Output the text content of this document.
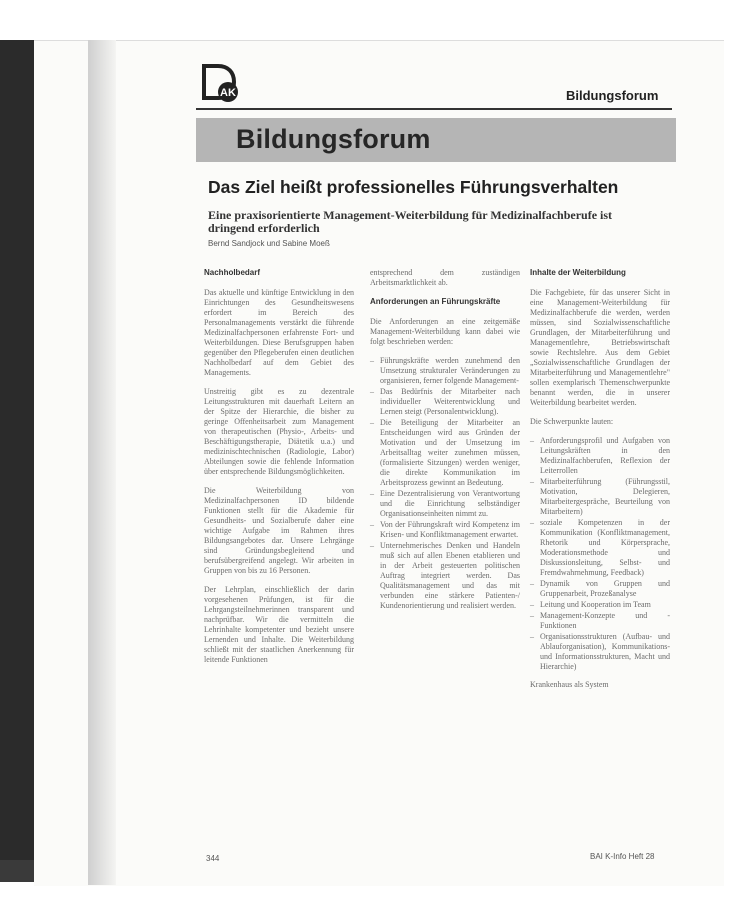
AK	Bildungsforum
Bildungsforum
Das Ziel heißt professionelles Führungsverhalten
Eine praxisorientierte Management-Weiterbildung für Medizinalfachberufe ist dringend erforderlich
Bernd Sandjock und Sabine Moeß
Nachholbedarf

Das aktuelle und künftige Entwicklung in den Einrichtungen des Gesundheitswesens erfordert im Bereich des Personalmanagements verstärkt die führende Medizinalfachpersonen erfahrenste Fort- und Weiterbildungen. Diese Berufsgruppen haben gegenüber den Pflegeberufen einen deutlichen Nachholbedarf auf dem Gebiet des Managements.

Unstreitig gibt es zu dezentrale Leitungsstrukturen mit dauerhaft Leitern an der Spitze der Hierarchie, die bisher zu geringe Offenheitsarbeit zum Management von therapeutischen (Physio-, Arbeits- und Beschäftigungstherapie, Diätetik u.a.) und medizinischtechnischen (Radiologie, Labor) Abteilungen sowie die fehlende Information über entsprechende Bildungsmöglichkeiten.

Die Weiterbildung von Medizinalfachpersonen ID bildende Funktionen stellt für die Akademie für Gesundheits- und Sozialberufe daher eine wichtige Aufgabe im Rahmen ihres Bildungsangebotes dar. Unsere Lehrgänge sind Gründungsbegleitend und berufsübergreifend angelegt. Wir arbeiten in Gruppen von bis zu 16 Personen.

Der Lehrplan, einschließlich der darin vorgesehenen Prüfungen, ist für die Lehrgangsteilnehmerinnen transparent und nachprüfbar. Wir die vermitteln die Lehrinhalte kompetenter und bezieht unsere Lernenden und Inhalte. Die Weiterbildung schließt mit der staatlichen Anerkennung für leitende Funktionen

entsprechend dem zuständigen Arbeitsmarktlichkeit ab.

Anforderungen an Führungskräfte

Die Anforderungen an eine zeitgemäße Management-Weiterbildung kann dabei wie folgt beschrieben werden:

– Führungskräfte werden zunehmend den Umsetzung strukturaler Veränderungen zu organisieren, ferner folgende Management-
– Das Bedürfnis der Mitarbeiter nach individueller Weiterentwicklung und Lernen steigt (Personalentwicklung).
– Die Beteiligung der Mitarbeiter an Entscheidungen wird aus Gründen der Motivation und der Umsetzung im Arbeitsalltag weiter zunehmen müssen, (formalisierte Sitzungen) werden weniger, die direkte Kommunikation im Arbeitsprozess gewinnt an Bedeutung.
– Eine Dezentralisierung von Verantwortung und die Einrichtung selbständiger Organisationseinheiten nimmt zu.
– Von der Führungskraft wird Kompetenz im Krisen- und Konfliktmanagement erwartet.
– Unternehmerisches Denken und Handeln muß sich auf allen Ebenen etablieren und in der Arbeit gesteuerten politischen Auftrag integriert werden. Das Qualitätsmanagement und das mit verbunden eine stärkere Patienten-/ Kundenorientierung und realisiert werden.
Inhalte der Weiterbildung

Die Fachgebiete, für das unserer Sicht in eine Management-Weiterbildung für Medizinalfachberufe die werden, werden müssen, sind Sozialwissenschaftliche Grundlagen, der Mitarbeiterführung und Managementlehre, Betriebswirtschaft sowie Rechtslehre. Aus dem Gebiet „Sozialwissenschaftliche Grundlagen der Mitarbeiterführung und Managementlehre" sollen exemplarisch Themenschwerpunkte benannt werden, die in unserer Weiterbildung bearbeitet werden.

Die Schwerpunkte lauten:

– Anforderungsprofil und Aufgaben von Leitungskräften in den Medizinalfachberufen, Reflexion der Leiterrollen
– Mitarbeiterführung (Führungsstil, Motivation, Delegieren, Mitarbeitergespräche, Beurteilung von Mitarbeitern)
– soziale Kompetenzen in der Kommunikation (Konfliktmanagement, Rhetorik und Körpersprache, Moderationsmethode und Diskussionsleitung, Selbst- und Fremdwahrnehmung, Feedback)
– Dynamik von Gruppen und Gruppenarbeit, Prozeßanalyse
– Leitung und Kooperation im Team
– Management-Konzepte und -Funktionen
– Organisationsstrukturen (Aufbau- und Ablauforganisation), Kommunikations- und Informationsstrukturen, Macht und Hierarchie)

Krankenhaus als System

344	BAI K-Info Heft 28
